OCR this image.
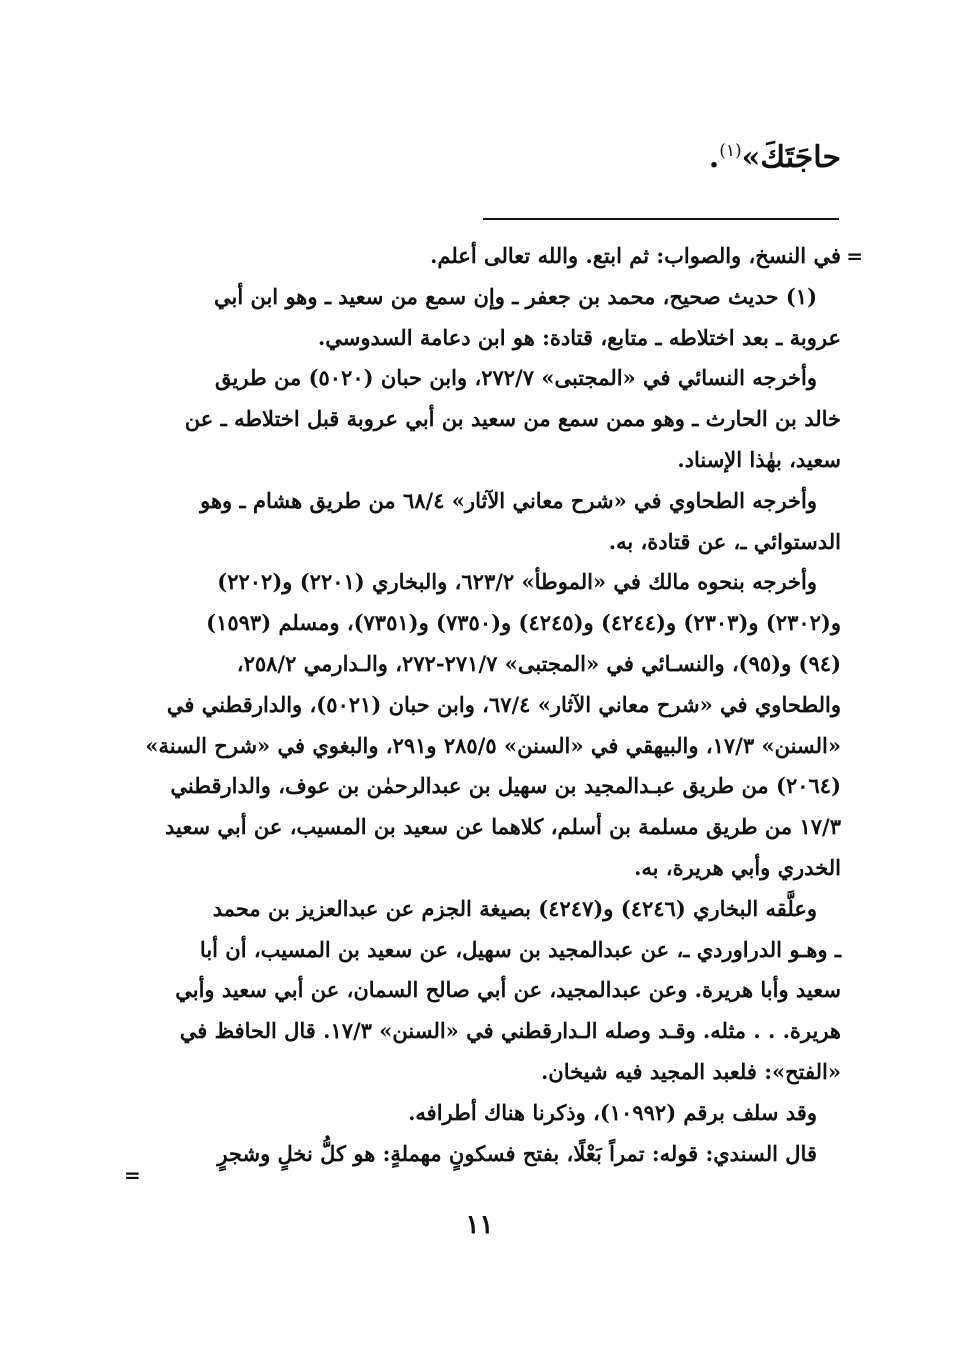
حاجَتَكَ»$^{(١)}$.
=
في النسخ، والصواب: ثم ابتع. والله تعالى أعلم.
(١) حديث صحيح، محمد بن جعفر ـ وإن سمع من سعيد ـ وهو ابن أبي
عروبة ـ بعد اختلاطه ـ متابع، قتادة: هو ابن دعامة السدوسي.
وأخرجه النسائي في «المجتبى» ٢٧٢/٧، وابن حبان (٥٠٢٠) من طريق
خالد بن الحارث ـ وهو ممن سمع من سعيد بن أبي عروبة قبل اختلاطه ـ عن
سعيد، بهٰذا الإسناد.
وأخرجه الطحاوي في «شرح معاني الآثار» ٦٨/٤ من طريق هشام ـ وهو
الدستوائي ـ، عن قتادة، به.
وأخرجه بنحوه مالك في «الموطأ» ٦٢٣/٢، والبخاري (٢٢٠١) و(٢٢٠٢)
و(٢٣٠٢) و(٢٣٠٣) و(٤٢٤٤) و(٤٢٤٥) و(٧٣٥٠) و(٧٣٥١)، ومسلم (١٥٩٣)
(٩٤) و(٩٥)، والنسـائي في «المجتبى» ٢٧١/٧-٢٧٢، والـدارمي ٢٥٨/٢،
والطحاوي في «شرح معاني الآثار» ٦٧/٤، وابن حبان (٥٠٢١)، والدارقطني في
«السنن» ١٧/٣، والبيهقي في «السنن» ٢٨٥/٥ و٢٩١، والبغوي في «شرح السنة»
(٢٠٦٤) من طريق عبـدالمجيد بن سهيل بن عبدالرحمٰن بن عوف، والدارقطني
١٧/٣ من طريق مسلمة بن أسلم، كلاهما عن سعيد بن المسيب، عن أبي سعيد
الخدري وأبي هريرة، به.
وعلَّقه البخاري (٤٢٤٦) و(٤٢٤٧) بصيغة الجزم عن عبدالعزيز بن محمد
ـ وهـو الدراوردي ـ، عن عبدالمجيد بن سهيل، عن سعيد بن المسيب، أن أبا
سعيد وأبا هريرة. وعن عبدالمجيد، عن أبي صالح السمان، عن أبي سعيد وأبي
هريرة. . . مثله. وقـد وصله الـدارقطني في «السنن» ١٧/٣. قال الحافظ في
«الفتح»: فلعبد المجيد فيه شيخان.
وقد سلف برقم (١٠٩٩٢)، وذكرنا هناك أطرافه.
قال السندي: قوله: تمراً بَعْلًا، بفتح فسكونٍ مهملةٍ: هو كلُّ نخلٍ وشجرٍ
=
١١
